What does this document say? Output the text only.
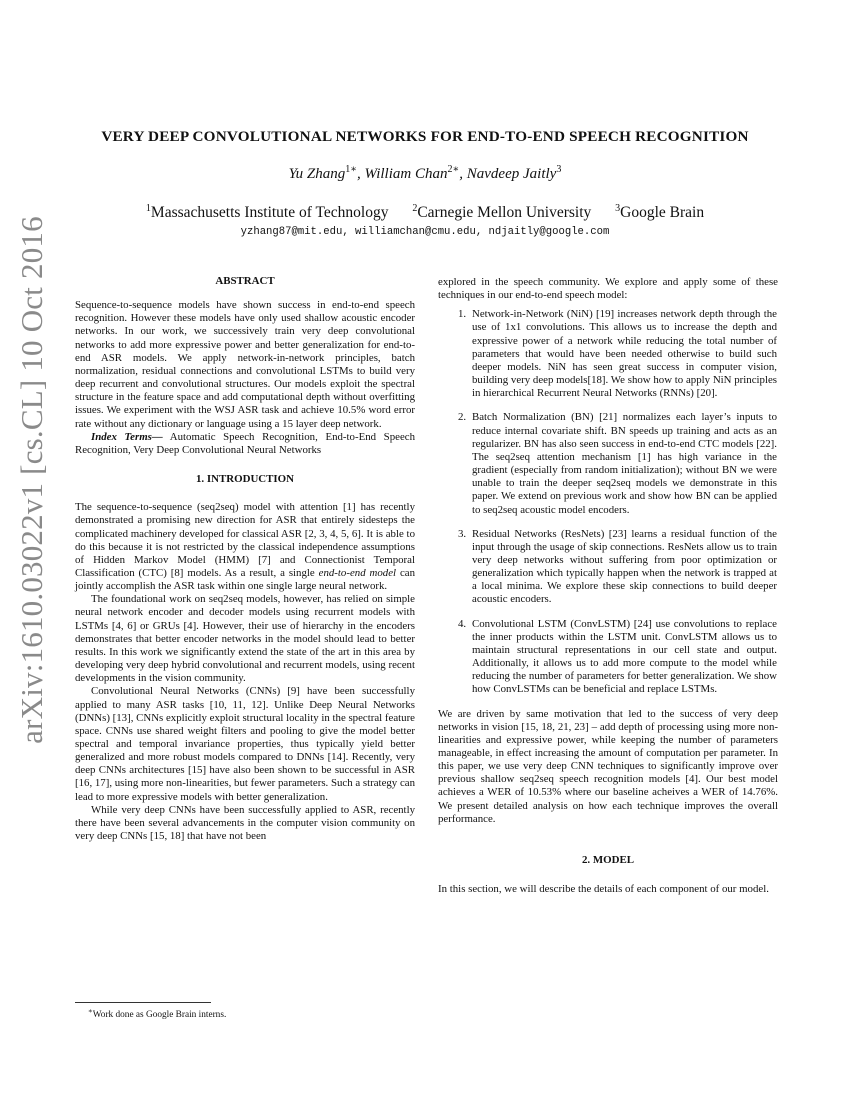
arXiv:1610.03022v1 [cs.CL] 10 Oct 2016
VERY DEEP CONVOLUTIONAL NETWORKS FOR END-TO-END SPEECH RECOGNITION
Yu Zhang$^{1∗}$, William Chan$^{2∗}$, Navdeep Jaitly$^3$
$^1$Massachusetts Institute of Technology $^2$Carnegie Mellon University $^3$Google Brain
yzhang87@mit.edu, williamchan@cmu.edu, ndjaitly@google.com
ABSTRACT

Sequence-to-sequence models have shown success in end-to-end speech recognition. However these models have only used shallow acoustic encoder networks. In our work, we successively train very deep convolutional networks to add more expressive power and better generalization for end-to-end ASR models. We apply network-in-network principles, batch normalization, residual connections and convolutional LSTMs to build very deep recurrent and convolutional structures. Our models exploit the spectral structure in the feature space and add computational depth without overfitting issues. We experiment with the WSJ ASR task and achieve 10.5% word error rate without any dictionary or language using a 15 layer deep network.

Index Terms— Automatic Speech Recognition, End-to-End Speech Recognition, Very Deep Convolutional Neural Networks

1. INTRODUCTION

The sequence-to-sequence (seq2seq) model with attention [1] has recently demonstrated a promising new direction for ASR that entirely sidesteps the complicated machinery developed for classical ASR [2, 3, 4, 5, 6]. It is able to do this because it is not restricted by the classical independence assumptions of Hidden Markov Model (HMM) [7] and Connectionist Temporal Classification (CTC) [8] models. As a result, a single end-to-end model can jointly accomplish the ASR task within one single large neural network.

The foundational work on seq2seq models, however, has relied on simple neural network encoder and decoder models using recurrent models with LSTMs [4, 6] or GRUs [4]. However, their use of hierarchy in the encoders demonstrates that better encoder networks in the model should lead to better results. In this work we significantly extend the state of the art in this area by developing very deep hybrid convolutional and recurrent models, using recent developments in the vision community.

Convolutional Neural Networks (CNNs) [9] have been successfully applied to many ASR tasks [10, 11, 12]. Unlike Deep Neural Networks (DNNs) [13], CNNs explicitly exploit structural locality in the spectral feature space. CNNs use shared weight filters and pooling to give the model better spectral and temporal invariance properties, thus typically yield better generalized and more robust models compared to DNNs [14]. Recently, very deep CNNs architectures [15] have also been shown to be successful in ASR [16, 17], using more non-linearities, but fewer parameters. Such a strategy can lead to more expressive models with better generalization.

While very deep CNNs have been successfully applied to ASR, recently there have been several advancements in the computer vision community on very deep CNNs [15, 18] that have not been

explored in the speech community. We explore and apply some of these techniques in our end-to-end speech model:

1. Network-in-Network (NiN) [19] increases network depth through the use of 1x1 convolutions. This allows us to increase the depth and expressive power of a network while reducing the total number of parameters that would have been needed otherwise to build such deeper models. NiN has seen great success in computer vision, building very deep models[18]. We show how to apply NiN principles in hierarchical Recurrent Neural Networks (RNNs) [20].
2. Batch Normalization (BN) [21] normalizes each layer’s inputs to reduce internal covariate shift. BN speeds up training and acts as an regularizer. BN has also seen success in end-to-end CTC models [22]. The seq2seq attention mechanism [1] has high variance in the gradient (especially from random initialization); without BN we were unable to train the deeper seq2seq models we demonstrate in this paper. We extend on previous work and show how BN can be applied to seq2seq acoustic model encoders.
3. Residual Networks (ResNets) [23] learns a residual function of the input through the usage of skip connections. ResNets allow us to train very deep networks without suffering from poor optimization or generalization which typically happen when the network is trapped at a local minima. We explore these skip connections to build deeper acoustic encoders.
4. Convolutional LSTM (ConvLSTM) [24] use convolutions to replace the inner products within the LSTM unit. ConvLSTM allows us to maintain structural representations in our cell state and output. Additionally, it allows us to add more compute to the model while reducing the number of parameters for better generalization. We show how ConvLSTMs can be beneficial and replace LSTMs.

We are driven by same motivation that led to the success of very deep networks in vision [15, 18, 21, 23] – add depth of processing using more non-linearities and expressive power, while keeping the number of parameters manageable, in effect increasing the amount of computation per parameter. In this paper, we use very deep CNN techniques to significantly improve over previous shallow seq2seq speech recognition models [4]. Our best model achieves a WER of 10.53% where our baseline acheives a WER of 14.76%. We present detailed analysis on how each technique improves the overall performance.

2. MODEL

In this section, we will describe the details of each component of our model.

∗Work done as Google Brain interns.
